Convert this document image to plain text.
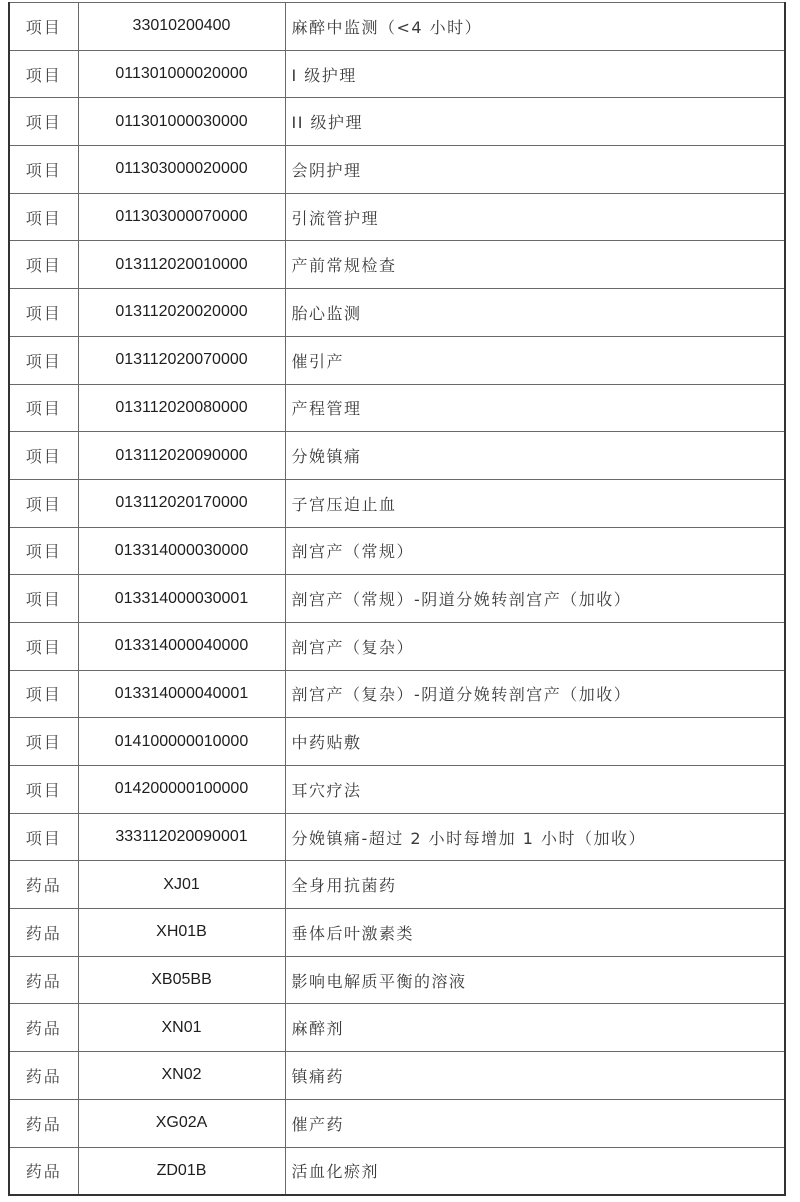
项目	33010200400	麻醉中监测（<4 小时）
项目	011301000020000	Ⅰ 级护理
项目	011301000030000	II 级护理
项目	011303000020000	会阴护理
项目	011303000070000	引流管护理
项目	013112020010000	产前常规检查
项目	013112020020000	胎心监测
项目	013112020070000	催引产
项目	013112020080000	产程管理
项目	013112020090000	分娩镇痛
项目	013112020170000	子宫压迫止血
项目	013314000030000	剖宫产（常规）
项目	013314000030001	剖宫产（常规）-阴道分娩转剖宫产（加收）
项目	013314000040000	剖宫产（复杂）
项目	013314000040001	剖宫产（复杂）-阴道分娩转剖宫产（加收）
项目	014100000010000	中药贴敷
项目	014200000100000	耳穴疗法
项目	333112020090001	分娩镇痛-超过 2 小时每增加 1 小时（加收）
药品	XJ01	全身用抗菌药
药品	XH01B	垂体后叶激素类
药品	XB05BB	影响电解质平衡的溶液
药品	XN01	麻醉剂
药品	XN02	镇痛药
药品	XG02A	催产药
药品	ZD01B	活血化瘀剂
